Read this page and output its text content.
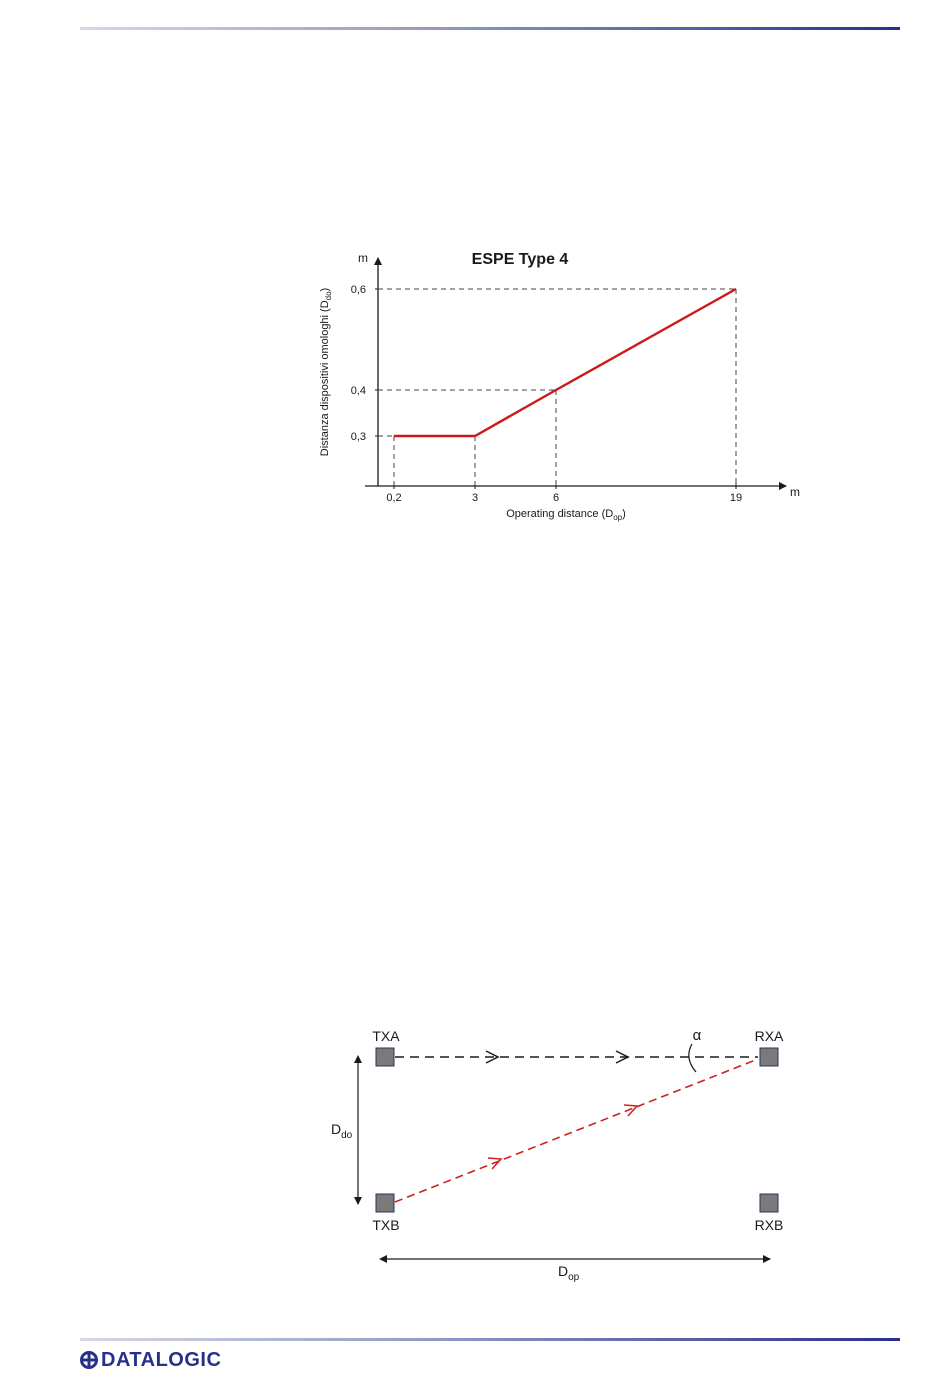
ESPE Type 4
m
m
Distanza dispositivi omologhi $(D_{do})$
Operating distance $(D_{op})$
0,2	3	6	19
0,3
0,4
0,6
α
TXA	RXA
TXB	RXB
$D_{do}$
$D_{op}$
DATALOGIC
